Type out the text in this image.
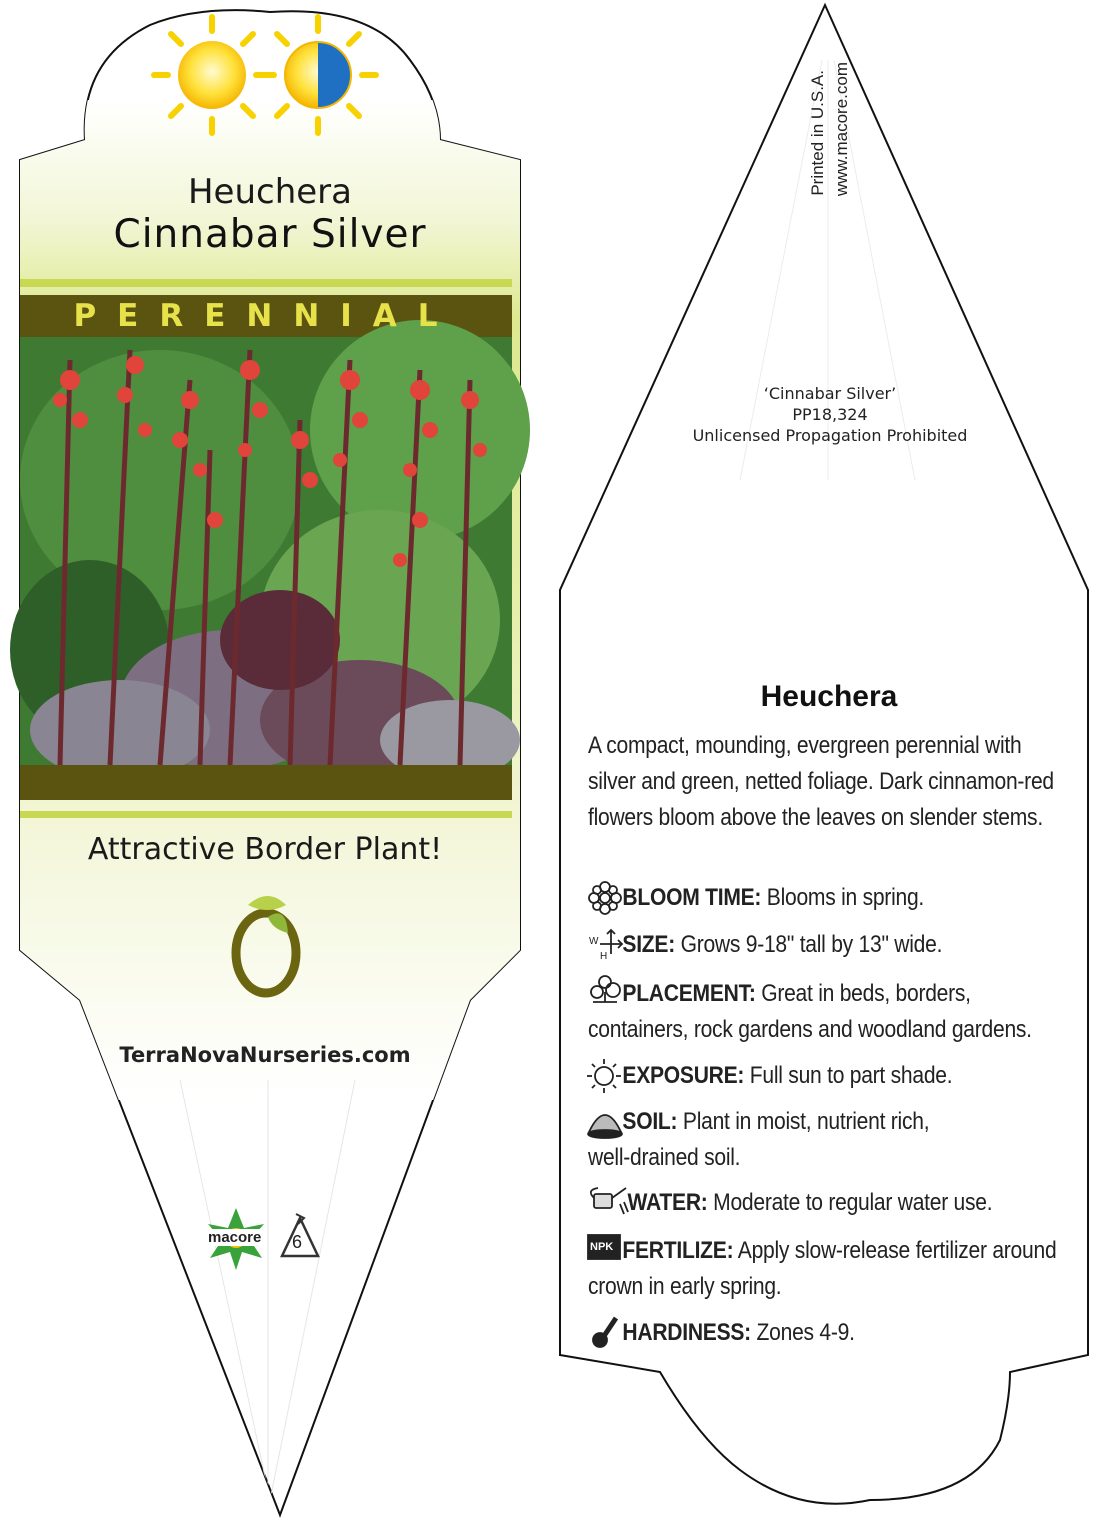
Heuchera
Cinnabar Silver
PERENNIAL
Attractive Border Plant!
TerraNovaNurseries.com
macore 6
Printed in U.S.A. www.macore.com
‘Cinnabar Silver’
PP18,324
Unlicensed Propagation Prohibited
Heuchera
A compact, mounding, evergreen perennial with silver and green, netted foliage. Dark cinnamon-red flowers bloom above the leaves on slender stems.
BLOOM TIME: Blooms in spring.
SIZE: Grows 9-18" tall by 13" wide.
PLACEMENT: Great in beds, borders, containers, rock gardens and woodland gardens.
EXPOSURE: Full sun to part shade.
SOIL: Plant in moist, nutrient rich, well-drained soil.
WATER: Moderate to regular water use.
FERTILIZE: Apply slow-release fertilizer around crown in early spring.
HARDINESS: Zones 4-9.
W
H
NPK
